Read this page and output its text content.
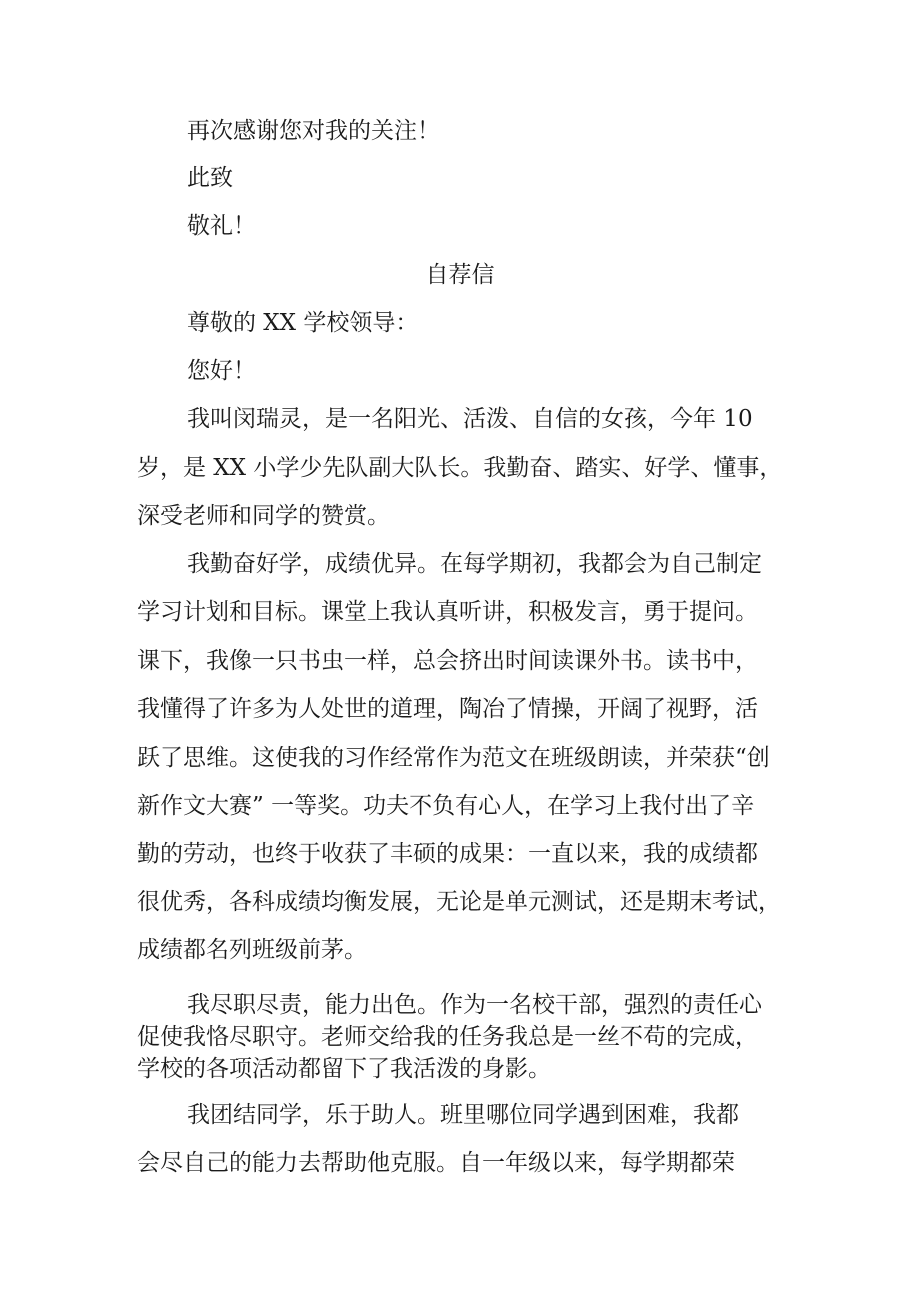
再次感谢您对我的关注！

此致

敬礼！

自荐信

尊敬的 XX 学校领导：

您好！

我叫闵瑞灵，是一名阳光、活泼、自信的女孩，今年 10

岁，是 XX 小学少先队副大队长。我勤奋、踏实、好学、懂事，

深受老师和同学的赞赏。

我勤奋好学，成绩优异。在每学期初，我都会为自己制定

学习计划和目标。课堂上我认真听讲，积极发言，勇于提问。

课下，我像一只书虫一样，总会挤出时间读课外书。读书中，

我懂得了许多为人处世的道理，陶冶了情操，开阔了视野，活

跃了思维。这使我的习作经常作为范文在班级朗读，并荣获“创

新作文大赛” 一等奖。功夫不负有心人，在学习上我付出了辛

勤的劳动，也终于收获了丰硕的成果：一直以来，我的成绩都

很优秀，各科成绩均衡发展，无论是单元测试，还是期末考试，

成绩都名列班级前茅。

我尽职尽责，能力出色。作为一名校干部，强烈的责任心

促使我恪尽职守。老师交给我的任务我总是一丝不苟的完成，

学校的各项活动都留下了我活泼的身影。

我团结同学，乐于助人。班里哪位同学遇到困难，我都

会尽自己的能力去帮助他克服。自一年级以来，每学期都荣
